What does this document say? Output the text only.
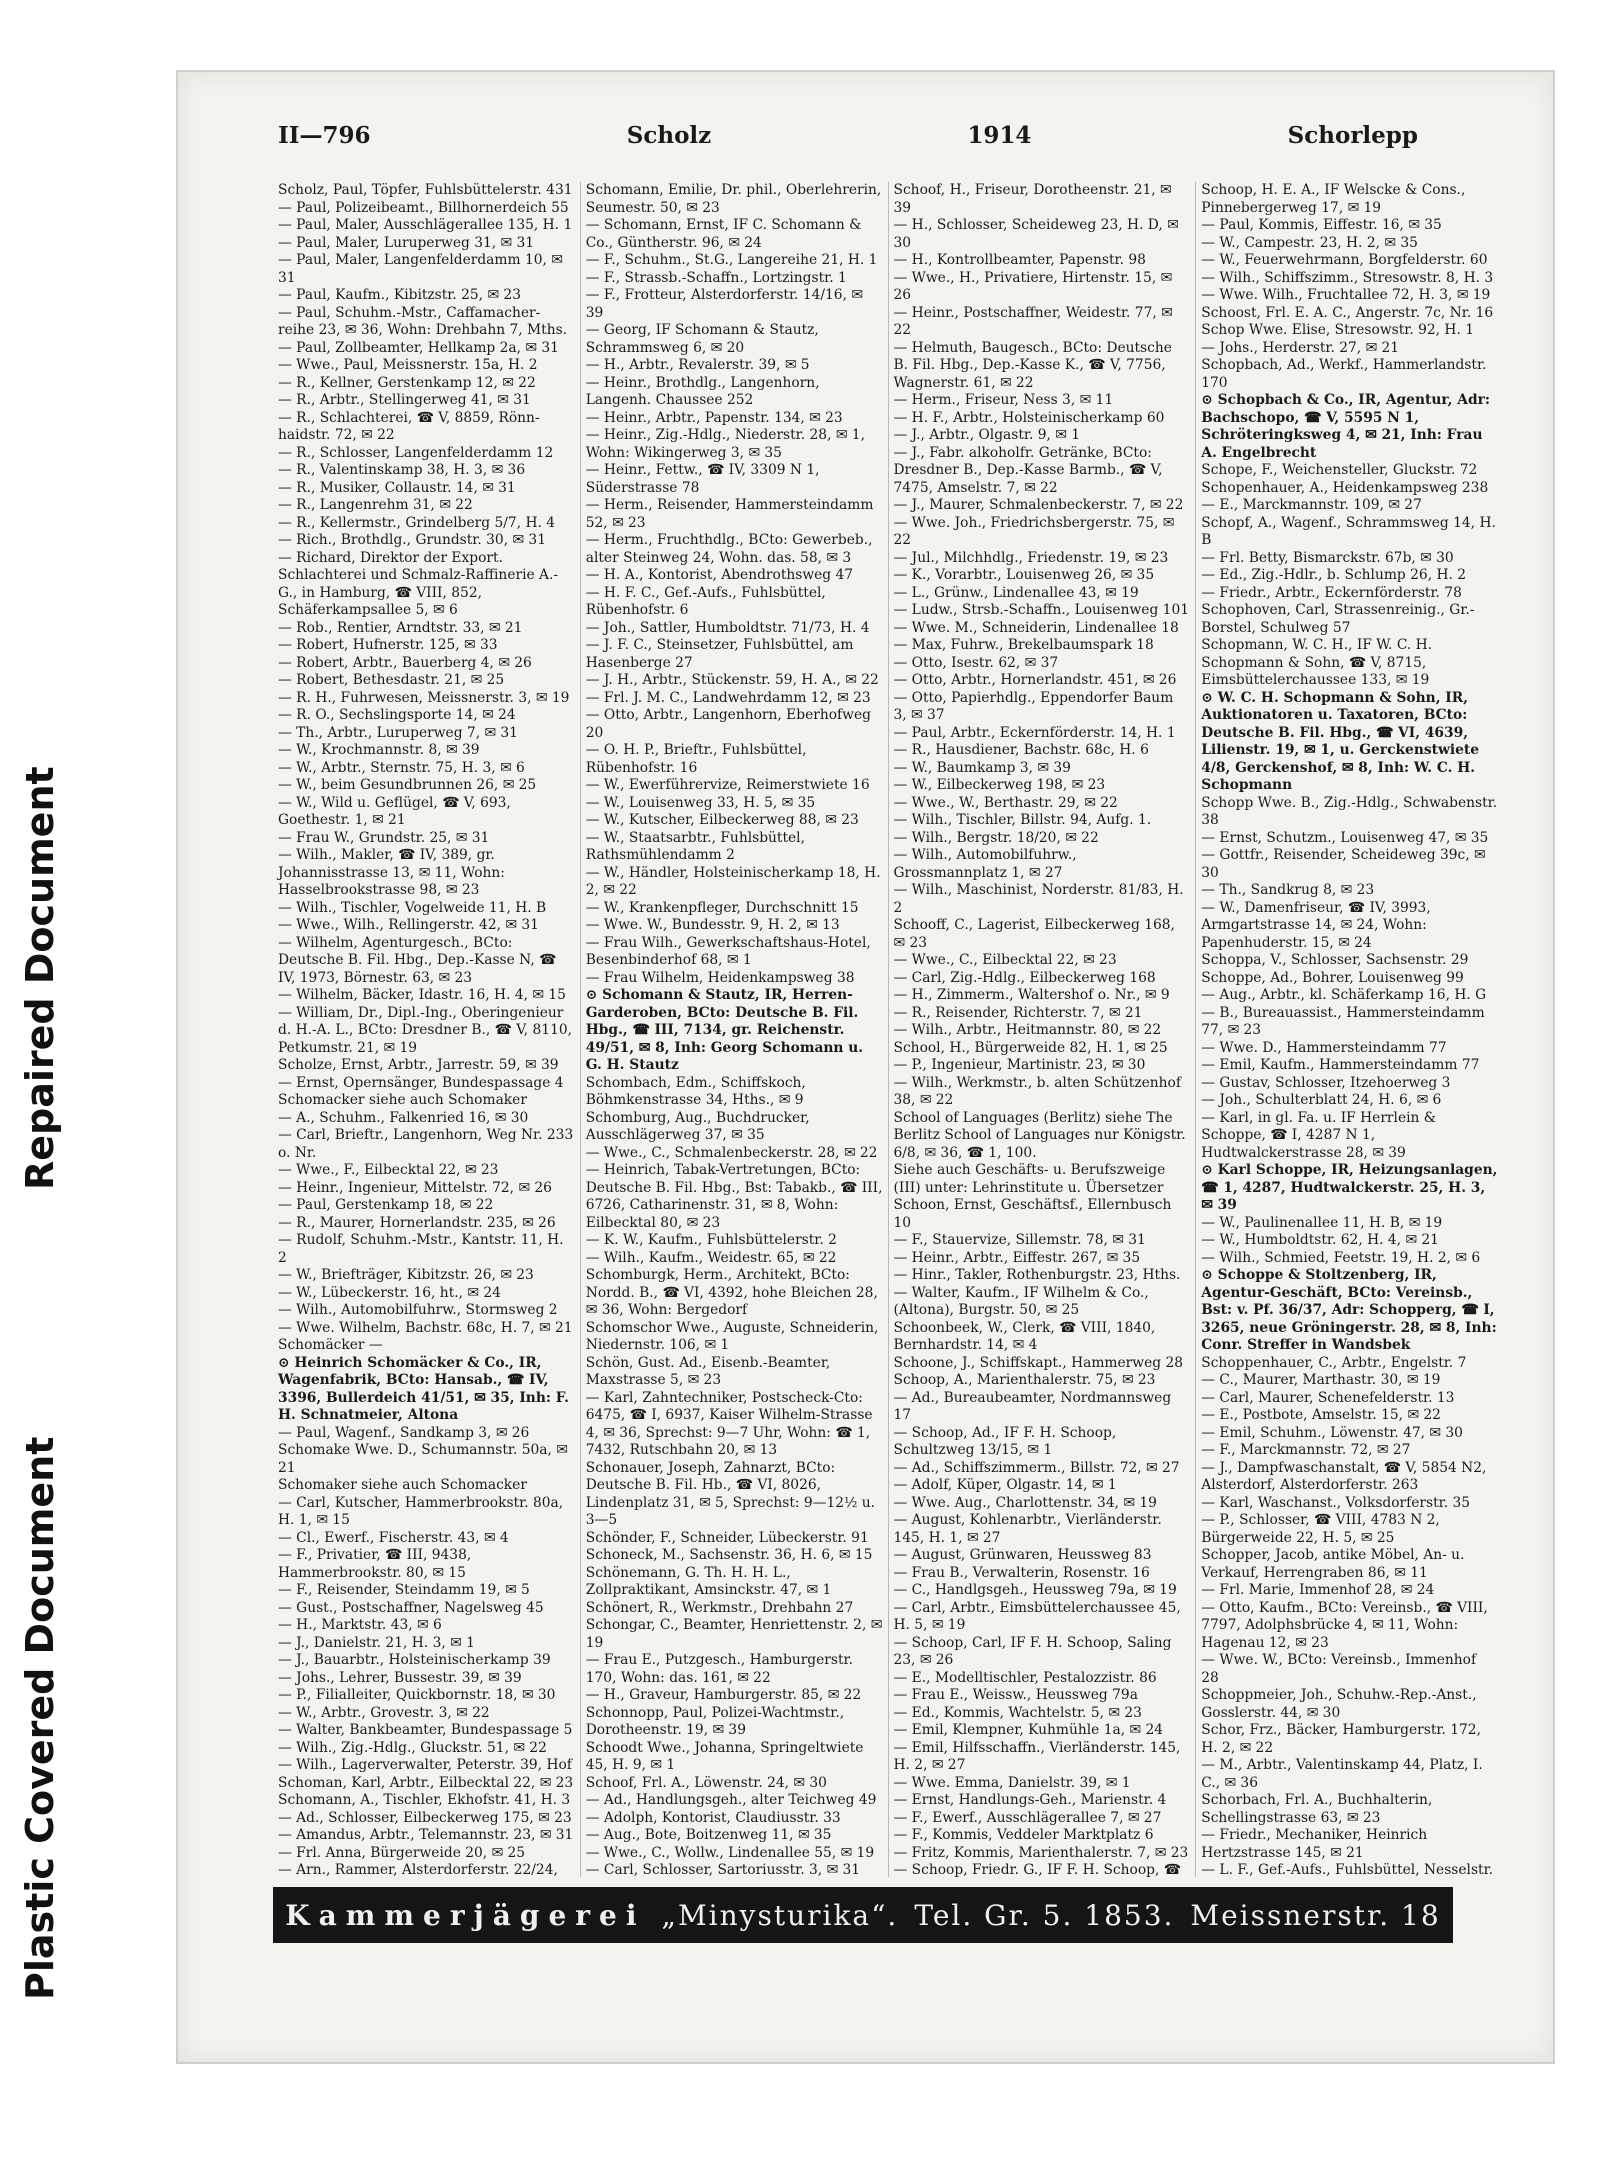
Plastic Covered Document
Repaired Document
II—796	Scholz	1914	Schorlepp

Scholz, Paul, Töpfer, Fuhlsbüttelerstr. 431

— Paul, Polizeibeamt., Billhornerdeich 55

— Paul, Maler, Ausschlägerallee 135, H. 1

— Paul, Maler, Luruperweg 31, ✉ 31

— Paul, Maler, Langenfelderdamm 10, ✉ 31

— Paul, Kaufm., Kibitzstr. 25, ✉ 23

— Paul, Schuhm.-Mstr., Caffamacher-reihe 23, ✉ 36, Wohn: Drehbahn 7, Mths.

— Paul, Zollbeamter, Hellkamp 2a, ✉ 31

— Wwe., Paul, Meissnerstr. 15a, H. 2

— R., Kellner, Gerstenkamp 12, ✉ 22

— R., Arbtr., Stellingerweg 41, ✉ 31

— R., Schlachterei, ☎ V, 8859, Rönn-haidstr. 72, ✉ 22

— R., Schlosser, Langenfelderdamm 12

— R., Valentinskamp 38, H. 3, ✉ 36

— R., Musiker, Collaustr. 14, ✉ 31

— R., Langenrehm 31, ✉ 22

— R., Kellermstr., Grindelberg 5/7, H. 4

— Rich., Brothdlg., Grundstr. 30, ✉ 31

— Richard, Direktor der Export. Schlachterei und Schmalz-Raffinerie A.-G., in Hamburg, ☎ VIII, 852, Schäferkampsallee 5, ✉ 6

— Rob., Rentier, Arndtstr. 33, ✉ 21

— Robert, Hufnerstr. 125, ✉ 33

— Robert, Arbtr., Bauerberg 4, ✉ 26

— Robert, Bethesdastr. 21, ✉ 25

— R. H., Fuhrwesen, Meissnerstr. 3, ✉ 19

— R. O., Sechslingsporte 14, ✉ 24

— Th., Arbtr., Luruperweg 7, ✉ 31

— W., Krochmannstr. 8, ✉ 39

— W., Arbtr., Sternstr. 75, H. 3, ✉ 6

— W., beim Gesundbrunnen 26, ✉ 25

— W., Wild u. Geflügel, ☎ V, 693, Goethestr. 1, ✉ 21

— Frau W., Grundstr. 25, ✉ 31

— Wilh., Makler, ☎ IV, 389, gr. Johannisstrasse 13, ✉ 11, Wohn: Hasselbrookstrasse 98, ✉ 23

— Wilh., Tischler, Vogelweide 11, H. B

— Wwe., Wilh., Rellingerstr. 42, ✉ 31

— Wilhelm, Agenturgesch., BCto: Deutsche B. Fil. Hbg., Dep.-Kasse N, ☎ IV, 1973, Börnestr. 63, ✉ 23

— Wilhelm, Bäcker, Idastr. 16, H. 4, ✉ 15

— William, Dr., Dipl.-Ing., Oberingenieur d. H.-A. L., BCto: Dresdner B., ☎ V, 8110, Petkumstr. 21, ✉ 19

Scholze, Ernst, Arbtr., Jarrestr. 59, ✉ 39

— Ernst, Opernsänger, Bundespassage 4

Schomacker siehe auch Schomaker

— A., Schuhm., Falkenried 16, ✉ 30

— Carl, Brieftr., Langenhorn, Weg Nr. 233 o. Nr.

— Wwe., F., Eilbecktal 22, ✉ 23

— Heinr., Ingenieur, Mittelstr. 72, ✉ 26

— Paul, Gerstenkamp 18, ✉ 22

— R., Maurer, Hornerlandstr. 235, ✉ 26

— Rudolf, Schuhm.-Mstr., Kantstr. 11, H. 2

— W., Briefträger, Kibitzstr. 26, ✉ 23

— W., Lübeckerstr. 16, ht., ✉ 24

— Wilh., Automobilfuhrw., Stormsweg 2

— Wwe. Wilhelm, Bachstr. 68c, H. 7, ✉ 21

Schomäcker —

⊙ Heinrich Schomäcker & Co., IR, Wagenfabrik, BCto: Hansab., ☎ IV, 3396, Bullerdeich 41/51, ✉ 35, Inh: F. H. Schnatmeier, Altona

— Paul, Wagenf., Sandkamp 3, ✉ 26

Schomake Wwe. D., Schumannstr. 50a, ✉ 21

Schomaker siehe auch Schomacker

— Carl, Kutscher, Hammerbrookstr. 80a, H. 1, ✉ 15

— Cl., Ewerf., Fischerstr. 43, ✉ 4

— F., Privatier, ☎ III, 9438, Hammerbrookstr. 80, ✉ 15

— F., Reisender, Steindamm 19, ✉ 5

— Gust., Postschaffner, Nagelsweg 45

— H., Marktstr. 43, ✉ 6

— J., Danielstr. 21, H. 3, ✉ 1

— J., Bauarbtr., Holsteinischerkamp 39

— Johs., Lehrer, Bussestr. 39, ✉ 39

— P., Filialleiter, Quickbornstr. 18, ✉ 30

— W., Arbtr., Grovestr. 3, ✉ 22

— Walter, Bankbeamter, Bundespassage 5

— Wilh., Zig.-Hdlg., Gluckstr. 51, ✉ 22

— Wilh., Lagerverwalter, Peterstr. 39, Hof

Schoman, Karl, Arbtr., Eilbecktal 22, ✉ 23

Schomann, A., Tischler, Ekhofstr. 41, H. 3

— Ad., Schlosser, Eilbeckerweg 175, ✉ 23

— Amandus, Arbtr., Telemannstr. 23, ✉ 31

— Frl. Anna, Bürgerweide 20, ✉ 25

— Arn., Rammer, Alsterdorferstr. 22/24,

Schomann, Emilie, Dr. phil., Oberlehrerin, Seumestr. 50, ✉ 23

— Schomann, Ernst, IF C. Schomann & Co., Güntherstr. 96, ✉ 24

— F., Schuhm., St.G., Langereihe 21, H. 1

— F., Strassb.-Schaffn., Lortzingstr. 1

— F., Frotteur, Alsterdorferstr. 14/16, ✉ 39

— Georg, IF Schomann & Stautz, Schrammsweg 6, ✉ 20

— H., Arbtr., Revalerstr. 39, ✉ 5

— Heinr., Brothdlg., Langenhorn, Langenh. Chaussee 252

— Heinr., Arbtr., Papenstr. 134, ✉ 23

— Heinr., Zig.-Hdlg., Niederstr. 28, ✉ 1, Wohn: Wikingerweg 3, ✉ 35

— Heinr., Fettw., ☎ IV, 3309 N 1, Süderstrasse 78

— Herm., Reisender, Hammersteindamm 52, ✉ 23

— Herm., Fruchthdlg., BCto: Gewerbeb., alter Steinweg 24, Wohn. das. 58, ✉ 3

— H. A., Kontorist, Abendrothsweg 47

— H. F. C., Gef.-Aufs., Fuhlsbüttel, Rübenhofstr. 6

— Joh., Sattler, Humboldtstr. 71/73, H. 4

— J. F. C., Steinsetzer, Fuhlsbüttel, am Hasenberge 27

— J. H., Arbtr., Stückenstr. 59, H. A., ✉ 22

— Frl. J. M. C., Landwehrdamm 12, ✉ 23

— Otto, Arbtr., Langenhorn, Eberhofweg 20

— O. H. P., Brieftr., Fuhlsbüttel, Rübenhofstr. 16

— W., Ewerführervize, Reimerstwiete 16

— W., Louisenweg 33, H. 5, ✉ 35

— W., Kutscher, Eilbeckerweg 88, ✉ 23

— W., Staatsarbtr., Fuhlsbüttel, Rathsmühlendamm 2

— W., Händler, Holsteinischerkamp 18, H. 2, ✉ 22

— W., Krankenpfleger, Durchschnitt 15

— Wwe. W., Bundesstr. 9, H. 2, ✉ 13

— Frau Wilh., Gewerkschaftshaus-Hotel, Besenbinderhof 68, ✉ 1

— Frau Wilhelm, Heidenkampsweg 38

⊙ Schomann & Stautz, IR, Herren-Garderoben, BCto: Deutsche B. Fil. Hbg., ☎ III, 7134, gr. Reichenstr. 49/51, ✉ 8, Inh: Georg Schomann u. G. H. Stautz

Schombach, Edm., Schiffskoch, Böhmkenstrasse 34, Hths., ✉ 9

Schomburg, Aug., Buchdrucker, Ausschlägerweg 37, ✉ 35

— Wwe., C., Schmalenbeckerstr. 28, ✉ 22

— Heinrich, Tabak-Vertretungen, BCto: Deutsche B. Fil. Hbg., Bst: Tabakb., ☎ III, 6726, Catharinenstr. 31, ✉ 8, Wohn: Eilbecktal 80, ✉ 23

— K. W., Kaufm., Fuhlsbüttelerstr. 2

— Wilh., Kaufm., Weidestr. 65, ✉ 22

Schomburgk, Herm., Architekt, BCto: Nordd. B., ☎ VI, 4392, hohe Bleichen 28, ✉ 36, Wohn: Bergedorf

Schomschor Wwe., Auguste, Schneiderin, Niedernstr. 106, ✉ 1

Schön, Gust. Ad., Eisenb.-Beamter, Maxstrasse 5, ✉ 23

— Karl, Zahntechniker, Postscheck-Cto: 6475, ☎ I, 6937, Kaiser Wilhelm-Strasse 4, ✉ 36, Sprechst: 9—7 Uhr, Wohn: ☎ 1, 7432, Rutschbahn 20, ✉ 13

Schonauer, Joseph, Zahnarzt, BCto: Deutsche B. Fil. Hb., ☎ VI, 8026, Lindenplatz 31, ✉ 5, Sprechst: 9—12½ u. 3—5

Schönder, F., Schneider, Lübeckerstr. 91

Schoneck, M., Sachsenstr. 36, H. 6, ✉ 15

Schönemann, G. Th. H. H. L., Zollpraktikant, Amsinckstr. 47, ✉ 1

Schönert, R., Werkmstr., Drehbahn 27

Schongar, C., Beamter, Henriettenstr. 2, ✉ 19

— Frau E., Putzgesch., Hamburgerstr. 170, Wohn: das. 161, ✉ 22

— H., Graveur, Hamburgerstr. 85, ✉ 22

Schonnopp, Paul, Polizei-Wachtmstr., Dorotheenstr. 19, ✉ 39

Schoodt Wwe., Johanna, Springeltwiete 45, H. 9, ✉ 1

Schoof, Frl. A., Löwenstr. 24, ✉ 30

— Ad., Handlungsgeh., alter Teichweg 49

— Adolph, Kontorist, Claudiusstr. 33

— Aug., Bote, Boitzenweg 11, ✉ 35

— Wwe., C., Wollw., Lindenallee 55, ✉ 19

— Carl, Schlosser, Sartoriusstr. 3, ✉ 31

Schoof, H., Friseur, Dorotheenstr. 21, ✉ 39

— H., Schlosser, Scheideweg 23, H. D, ✉ 30

— H., Kontrollbeamter, Papenstr. 98

— Wwe., H., Privatiere, Hirtenstr. 15, ✉ 26

— Heinr., Postschaffner, Weidestr. 77, ✉ 22

— Helmuth, Baugesch., BCto: Deutsche B. Fil. Hbg., Dep.-Kasse K., ☎ V, 7756, Wagnerstr. 61, ✉ 22

— Herm., Friseur, Ness 3, ✉ 11

— H. F., Arbtr., Holsteinischerkamp 60

— J., Arbtr., Olgastr. 9, ✉ 1

— J., Fabr. alkoholfr. Getränke, BCto: Dresdner B., Dep.-Kasse Barmb., ☎ V, 7475, Amselstr. 7, ✉ 22

— J., Maurer, Schmalenbeckerstr. 7, ✉ 22

— Wwe. Joh., Friedrichsbergerstr. 75, ✉ 22

— Jul., Milchhdlg., Friedenstr. 19, ✉ 23

— K., Vorarbtr., Louisenweg 26, ✉ 35

— L., Grünw., Lindenallee 43, ✉ 19

— Ludw., Strsb.-Schaffn., Louisenweg 101

— Wwe. M., Schneiderin, Lindenallee 18

— Max, Fuhrw., Brekelbaumspark 18

— Otto, Isestr. 62, ✉ 37

— Otto, Arbtr., Hornerlandstr. 451, ✉ 26

— Otto, Papierhdlg., Eppendorfer Baum 3, ✉ 37

— Paul, Arbtr., Eckernförderstr. 14, H. 1

— R., Hausdiener, Bachstr. 68c, H. 6

— W., Baumkamp 3, ✉ 39

— W., Eilbeckerweg 198, ✉ 23

— Wwe., W., Berthastr. 29, ✉ 22

— Wilh., Tischler, Billstr. 94, Aufg. 1.

— Wilh., Bergstr. 18/20, ✉ 22

— Wilh., Automobilfuhrw., Grossmannplatz 1, ✉ 27

— Wilh., Maschinist, Norderstr. 81/83, H. 2

Schooff, C., Lagerist, Eilbeckerweg 168, ✉ 23

— Wwe., C., Eilbecktal 22, ✉ 23

— Carl, Zig.-Hdlg., Eilbeckerweg 168

— H., Zimmerm., Waltershof o. Nr., ✉ 9

— R., Reisender, Richterstr. 7, ✉ 21

— Wilh., Arbtr., Heitmannstr. 80, ✉ 22

School, H., Bürgerweide 82, H. 1, ✉ 25

— P., Ingenieur, Martinistr. 23, ✉ 30

— Wilh., Werkmstr., b. alten Schützenhof 38, ✉ 22

School of Languages (Berlitz) siehe The Berlitz School of Languages nur Königstr. 6/8, ✉ 36, ☎ 1, 100.

Siehe auch Geschäfts- u. Berufszweige (III) unter: Lehrinstitute u. Übersetzer

Schoon, Ernst, Geschäftsf., Ellernbusch 10

— F., Stauervize, Sillemstr. 78, ✉ 31

— Heinr., Arbtr., Eiffestr. 267, ✉ 35

— Hinr., Takler, Rothenburgstr. 23, Hths.

— Walter, Kaufm., IF Wilhelm & Co., (Altona), Burgstr. 50, ✉ 25

Schoonbeek, W., Clerk, ☎ VIII, 1840, Bernhardstr. 14, ✉ 4

Schoone, J., Schiffskapt., Hammerweg 28

Schoop, A., Marienthalerstr. 75, ✉ 23

— Ad., Bureaubeamter, Nordmannsweg 17

— Schoop, Ad., IF F. H. Schoop, Schultzweg 13/15, ✉ 1

— Ad., Schiffszimmerm., Billstr. 72, ✉ 27

— Adolf, Küper, Olgastr. 14, ✉ 1

— Wwe. Aug., Charlottenstr. 34, ✉ 19

— August, Kohlenarbtr., Vierländerstr. 145, H. 1, ✉ 27

— August, Grünwaren, Heussweg 83

— Frau B., Verwalterin, Rosenstr. 16

— C., Handlgsgeh., Heussweg 79a, ✉ 19

— Carl, Arbtr., Eimsbüttelerchaussee 45, H. 5, ✉ 19

— Schoop, Carl, IF F. H. Schoop, Saling 23, ✉ 26

— E., Modelltischler, Pestalozzistr. 86

— Frau E., Weissw., Heussweg 79a

— Ed., Kommis, Wachtelstr. 5, ✉ 23

— Emil, Klempner, Kuhmühle 1a, ✉ 24

— Emil, Hilfsschaffn., Vierländerstr. 145, H. 2, ✉ 27

— Wwe. Emma, Danielstr. 39, ✉ 1

— Ernst, Handlungs-Geh., Marienstr. 4

— F., Ewerf., Ausschlägerallee 7, ✉ 27

— F., Kommis, Veddeler Marktplatz 6

— Fritz, Kommis, Marienthalerstr. 7, ✉ 23

— Schoop, Friedr. G., IF F. H. Schoop, ☎

Schoop, H. E. A., IF Welscke & Cons., Pinnebergerweg 17, ✉ 19

— Paul, Kommis, Eiffestr. 16, ✉ 35

— W., Campestr. 23, H. 2, ✉ 35

— W., Feuerwehrmann, Borgfelderstr. 60

— Wilh., Schiffszimm., Stresowstr. 8, H. 3

— Wwe. Wilh., Fruchtallee 72, H. 3, ✉ 19

Schoost, Frl. E. A. C., Angerstr. 7c, Nr. 16

Schop Wwe. Elise, Stresowstr. 92, H. 1

— Johs., Herderstr. 27, ✉ 21

Schopbach, Ad., Werkf., Hammerlandstr. 170

⊙ Schopbach & Co., IR, Agentur, Adr: Bachschopo, ☎ V, 5595 N 1, Schröteringksweg 4, ✉ 21, Inh: Frau A. Engelbrecht

Schope, F., Weichensteller, Gluckstr. 72

Schopenhauer, A., Heidenkampsweg 238

— E., Marckmannstr. 109, ✉ 27

Schopf, A., Wagenf., Schrammsweg 14, H. B

— Frl. Betty, Bismarckstr. 67b, ✉ 30

— Ed., Zig.-Hdlr., b. Schlump 26, H. 2

— Friedr., Arbtr., Eckernförderstr. 78

Schophoven, Carl, Strassenreinig., Gr.-Borstel, Schulweg 57

Schopmann, W. C. H., IF W. C. H. Schopmann & Sohn, ☎ V, 8715, Eimsbüttelerchaussee 133, ✉ 19

⊙ W. C. H. Schopmann & Sohn, IR, Auktionatoren u. Taxatoren, BCto: Deutsche B. Fil. Hbg., ☎ VI, 4639, Lilienstr. 19, ✉ 1, u. Gerckenstwiete 4/8, Gerckenshof, ✉ 8, Inh: W. C. H. Schopmann

Schopp Wwe. B., Zig.-Hdlg., Schwabenstr. 38

— Ernst, Schutzm., Louisenweg 47, ✉ 35

— Gottfr., Reisender, Scheideweg 39c, ✉ 30

— Th., Sandkrug 8, ✉ 23

— W., Damenfriseur, ☎ IV, 3993, Armgartstrasse 14, ✉ 24, Wohn: Papenhuderstr. 15, ✉ 24

Schoppa, V., Schlosser, Sachsenstr. 29

Schoppe, Ad., Bohrer, Louisenweg 99

— Aug., Arbtr., kl. Schäferkamp 16, H. G

— B., Bureauassist., Hammersteindamm 77, ✉ 23

— Wwe. D., Hammersteindamm 77

— Emil, Kaufm., Hammersteindamm 77

— Gustav, Schlosser, Itzehoerweg 3

— Joh., Schulterblatt 24, H. 6, ✉ 6

— Karl, in gl. Fa. u. IF Herrlein & Schoppe, ☎ I, 4287 N 1, Hudtwalckerstrasse 28, ✉ 39

⊙ Karl Schoppe, IR, Heizungsanlagen, ☎ 1, 4287, Hudtwalckerstr. 25, H. 3, ✉ 39

— W., Paulinenallee 11, H. B, ✉ 19

— W., Humboldtstr. 62, H. 4, ✉ 21

— Wilh., Schmied, Feetstr. 19, H. 2, ✉ 6

⊙ Schoppe & Stoltzenberg, IR, Agentur-Geschäft, BCto: Vereinsb., Bst: v. Pf. 36/37, Adr: Schopperg, ☎ I, 3265, neue Gröningerstr. 28, ✉ 8, Inh: Conr. Streffer in Wandsbek

Schoppenhauer, C., Arbtr., Engelstr. 7

— C., Maurer, Marthastr. 30, ✉ 19

— Carl, Maurer, Schenefelderstr. 13

— E., Postbote, Amselstr. 15, ✉ 22

— Emil, Schuhm., Löwenstr. 47, ✉ 30

— F., Marckmannstr. 72, ✉ 27

— J., Dampfwaschanstalt, ☎ V, 5854 N2, Alsterdorf, Alsterdorferstr. 263

— Karl, Waschanst., Volksdorferstr. 35

— P., Schlosser, ☎ VIII, 4783 N 2, Bürgerweide 22, H. 5, ✉ 25

Schopper, Jacob, antike Möbel, An- u. Verkauf, Herrengraben 86, ✉ 11

— Frl. Marie, Immenhof 28, ✉ 24

— Otto, Kaufm., BCto: Vereinsb., ☎ VIII, 7797, Adolphsbrücke 4, ✉ 11, Wohn: Hagenau 12, ✉ 23

— Wwe. W., BCto: Vereinsb., Immenhof 28

Schoppmeier, Joh., Schuhw.-Rep.-Anst., Gosslerstr. 44, ✉ 30

Schor, Frz., Bäcker, Hamburgerstr. 172, H. 2, ✉ 22

— M., Arbtr., Valentinskamp 44, Platz, I. C., ✉ 36

Schorbach, Frl. A., Buchhalterin, Schellingstrasse 63, ✉ 23

— Friedr., Mechaniker, Heinrich Hertzstrasse 145, ✉ 21

— L. F., Gef.-Aufs., Fuhlsbüttel, Nesselstr.

Kammerjägerei „Minysturika“. Tel. Gr. 5. 1853. Meissnerstr. 18
